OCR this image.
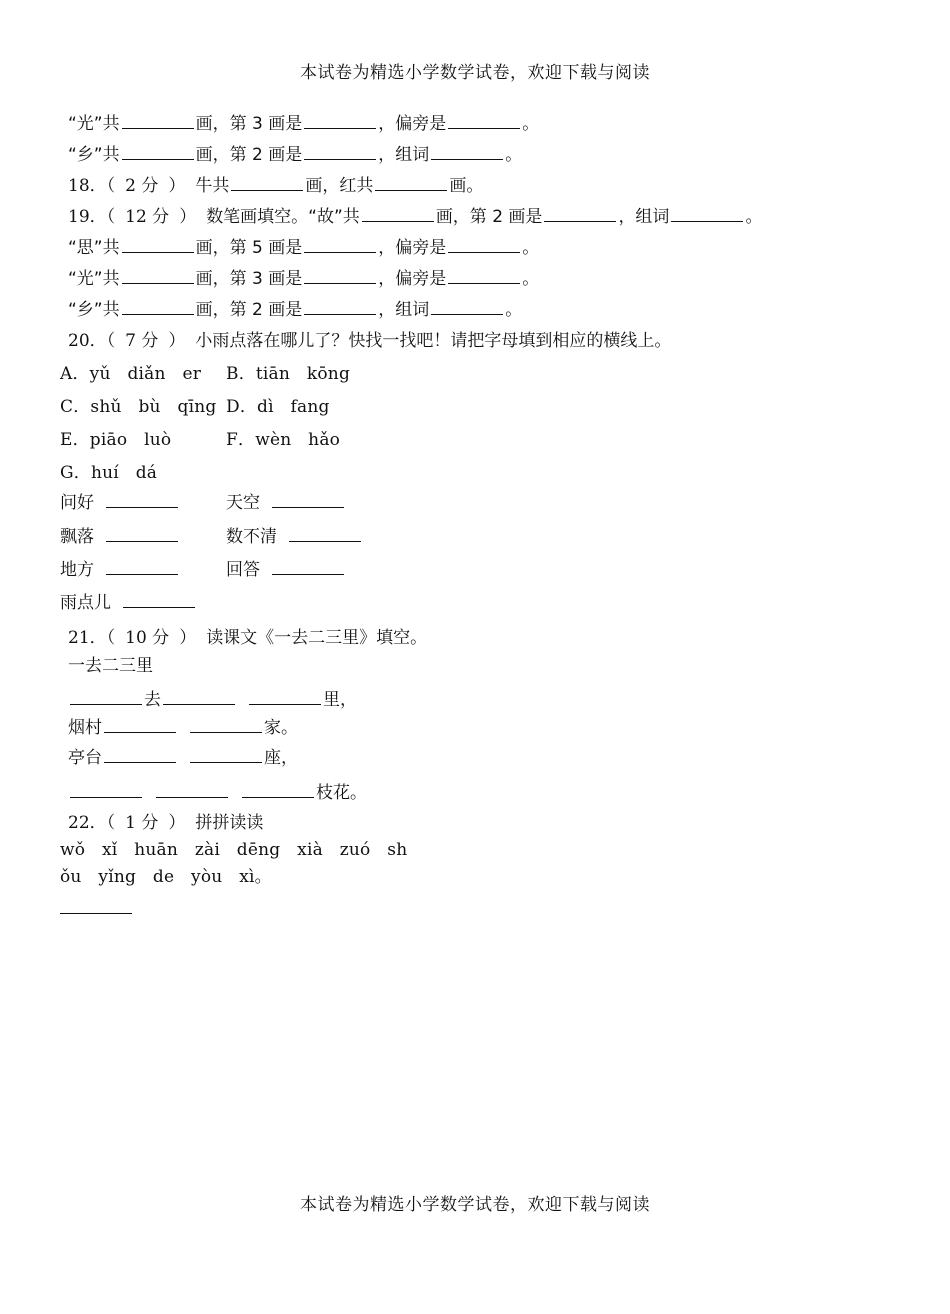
本试卷为精选小学数学试卷，欢迎下载与阅读
“光”共	画，第 3 画是	，偏旁是	。
“乡”共	画，第 2 画是	，组词	。
18．（ 2 分 ） 牛共	画，红共	画。
19．（ 12 分 ） 数笔画填空。“故”共	画，第 2 画是	，组词	。
“思”共	画，第 5 画是	，偏旁是	。
“光”共	画，第 3 画是	，偏旁是	。
“乡”共	画，第 2 画是	，组词	。
20．（ 7 分 ） 小雨点落在哪儿了？快找一找吧！请把字母填到相应的横线上。
A．yǔ   diǎn   er B．tiān   kōng
C．shǔ   bù   qīng D．dì   fang
E．piāo   luò	F．wèn   hǎo
G．huí   dá
问好	天空
飘落	数不清
地方	回答
雨点儿
21．（ 10 分 ） 读课文《一去二三里》填空。
一去二三里
去	里，
烟村	家。
亭台	座，
枝花。
22．（ 1 分 ） 拼拼读读
wǒ   xǐ   huān   zài   dēng   xià   zuó   sh
ǒu   yǐng   de   yòu   xì。
本试卷为精选小学数学试卷，欢迎下载与阅读
